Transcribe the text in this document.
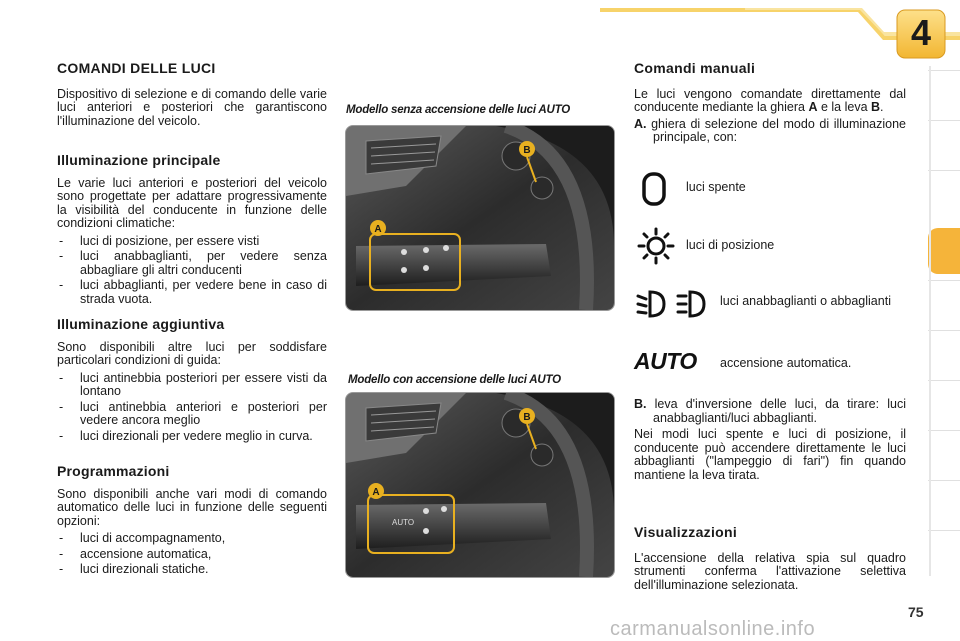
VISIBILITÀ	4
COMANDI DELLE LUCI

Dispositivo di selezione e di comando delle varie luci anteriori e posteriori che garantiscono l'illuminazione del veicolo.

Illuminazione principale

Le varie luci anteriori e posteriori del veicolo sono progettate per adattare progressivamente la visibilità del conducente in funzione delle condizioni climatiche:

- luci di posizione, per essere visti
- luci anabbaglianti, per vedere senza abbagliare gli altri conducenti
- luci abbaglianti, per vedere bene in caso di strada vuota.
Illuminazione aggiuntiva

Sono disponibili altre luci per soddisfare particolari condizioni di guida:

- luci antinebbia posteriori per essere visti da lontano
- luci antinebbia anteriori e posteriori per vedere ancora meglio
- luci direzionali per vedere meglio in curva.
Programmazioni

Sono disponibili anche vari modi di comando automatico delle luci in funzione delle seguenti opzioni:

- luci di accompagnamento,
- accensione automatica,
- luci direzionali statiche.
Modello senza accensione delle luci AUTO
A
B
Modello con accensione delle luci AUTO
A
B
AUTO
Comandi manuali

Le luci vengono comandate direttamente dal conducente mediante la ghiera A e la leva B.

A. ghiera di selezione del modo di illuminazione principale, con:

luci spente
luci di posizione
luci anabbaglianti o abbaglianti
AUTO accensione automatica.

B. leva d'inversione delle luci, da tirare: luci anabbaglianti/luci abbaglianti.

Nei modi luci spente e luci di posizione, il conducente può accendere direttamente le luci abbaglianti ("lampeggio di fari") fin quando mantiene la leva tirata.

Visualizzazioni

L'accensione della relativa spia sul quadro strumenti conferma l'attivazione selettiva dell'illuminazione selezionata.

75
carmanualsonline.info
